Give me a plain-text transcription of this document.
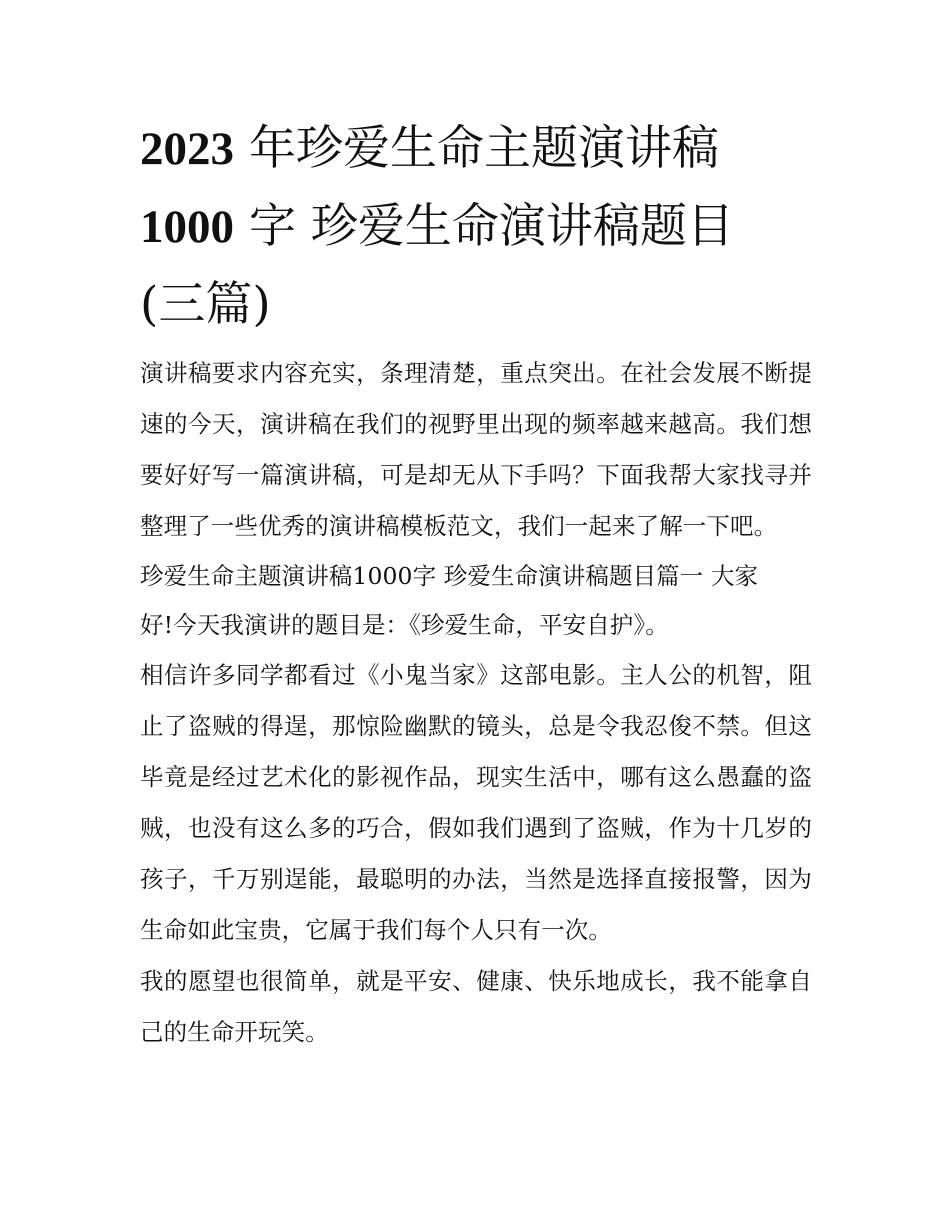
2023 年珍爱生命主题演讲稿
1000 字 珍爱生命演讲稿题目
(三篇)

演讲稿要求内容充实，条理清楚，重点突出。在社会发展不断提速的今天，演讲稿在我们的视野里出现的频率越来越高。我们想要好好写一篇演讲稿，可是却无从下手吗？下面我帮大家找寻并整理了一些优秀的演讲稿模板范文，我们一起来了解一下吧。

珍爱生命主题演讲稿1000字 珍爱生命演讲稿题目篇一 大家

好!今天我演讲的题目是：《珍爱生命，平安自护》。

相信许多同学都看过《小鬼当家》这部电影。主人公的机智，阻止了盗贼的得逞，那惊险幽默的镜头，总是令我忍俊不禁。但这毕竟是经过艺术化的影视作品，现实生活中，哪有这么愚蠢的盗贼，也没有这么多的巧合，假如我们遇到了盗贼，作为十几岁的孩子，千万别逞能，最聪明的办法，当然是选择直接报警，因为生命如此宝贵，它属于我们每个人只有一次。

我的愿望也很简单，就是平安、健康、快乐地成长，我不能拿自己的生命开玩笑。
